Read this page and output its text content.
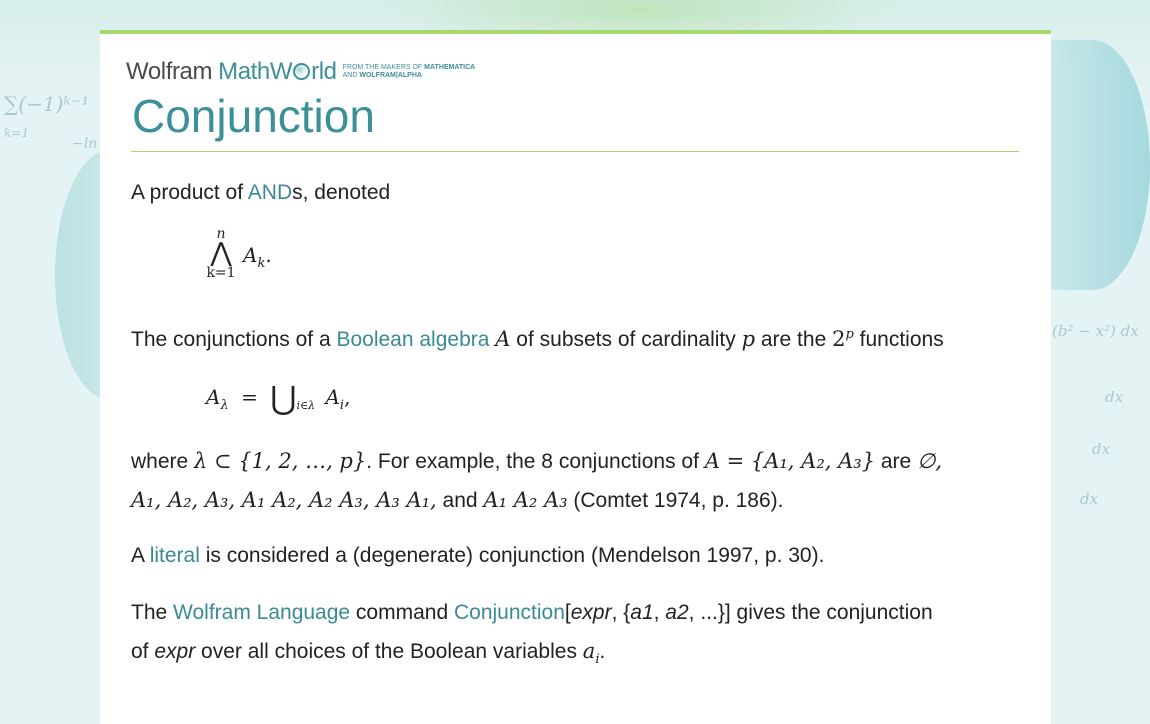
∑(−1)ᵏ⁻¹
k=1
−ln
(b² − x²) dx
dx
dx
dx
Wolfram MathW rld FROM THE MAKERS OF MATHEMATICA
AND WOLFRAM|ALPHA
Conjunction

A product of ANDs, denoted

n
⋀
k=1
$A_k$.

The conjunctions of a Boolean algebra A of subsets of cardinality p are the 2$^p$ functions

$A_\lambda$ = $⋃_{i\in\lambda}$ $A_i$,

where λ ⊂ {1, 2, …, p}. For example, the 8 conjunctions of A = {A₁, A₂, A₃} are ∅,
A₁, A₂, A₃, A₁ A₂, A₂ A₃, A₃ A₁, and A₁ A₂ A₃ (Comtet 1974, p. 186).

A literal is considered a (degenerate) conjunction (Mendelson 1997, p. 30).

The Wolfram Language command Conjunction[expr, {a1, a2, ...}] gives the conjunction
of expr over all choices of the Boolean variables $a_i$.
